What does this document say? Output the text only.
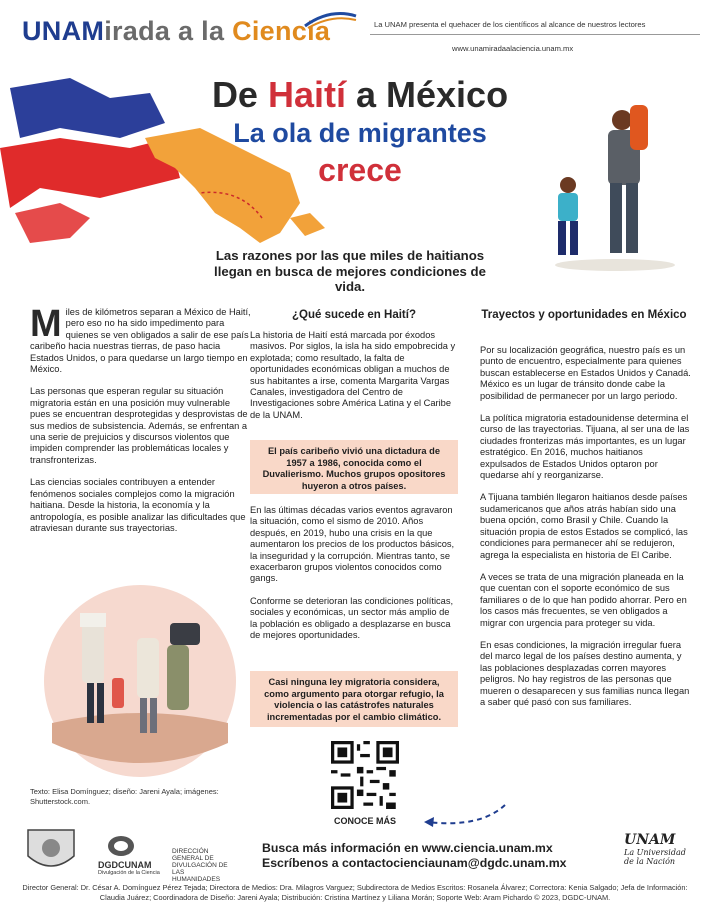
UNAMirada a la Ciencia	La UNAM presenta el quehacer de los científicos al alcance de nuestros lectores
www.unamiradaalaciencia.unam.mx
De Haití a México
La ola de migrantes
crece
Las razones por las que miles de haitianos llegan en busca de mejores condiciones de vida.

Miles de kilómetros separan a México de Haití, pero eso no ha sido impedimento para quienes se ven obligados a salir de ese país caribeño hacia nuestras tierras, de paso hacia Estados Unidos, o para quedarse un largo tiempo en México.

Las personas que esperan regular su situación migratoria están en una posición muy vulnerable pues se encuentran desprotegidas y desprovistas de sus medios de subsistencia. Además, se enfrentan a una serie de prejuicios y discursos violentos que impiden comprender las problemáticas locales y transfronterizas.

Las ciencias sociales contribuyen a entender fenómenos sociales complejos como la migración haitiana. Desde la historia, la economía y la antropología, es posible analizar las dificultades que atraviesan durante sus trayectorias.

Texto: Elisa Domínguez; diseño: Jareni Ayala; imágenes: Shutterstock.com.
¿Qué sucede en Haití?

La historia de Haití está marcada por éxodos masivos. Por siglos, la isla ha sido empobrecida y explotada; como resultado, la falta de oportunidades económicas obligan a muchos de sus habitantes a irse, comenta Margarita Vargas Canales, investigadora del Centro de Investigaciones sobre América Latina y el Caribe de la UNAM.

El país caribeño vivió una dictadura de 1957 a 1986, conocida como el Duvalierismo. Muchos grupos opositores huyeron a otros países.

En las últimas décadas varios eventos agravaron la situación, como el sismo de 2010. Años después, en 2019, hubo una crisis en la que aumentaron los precios de los productos básicos, la inseguridad y la corrupción. Mientras tanto, se exacerbaron grupos violentos conocidos como gangs.

Conforme se deterioran las condiciones políticas, sociales y económicas, un sector más amplio de la población es obligado a desplazarse en busca de mejores oportunidades.

Casi ninguna ley migratoria considera, como argumento para otorgar refugio, la violencia o las catástrofes naturales incrementadas por el cambio climático.
CONOCE MÁS
Trayectos y oportunidades en México

Por su localización geográfica, nuestro país es un punto de encuentro, especialmente para quienes buscan establecerse en Estados Unidos y Canadá. México es un lugar de tránsito donde cabe la posibilidad de permanecer por un largo periodo.

La política migratoria estadounidense determina el curso de las trayectorias. Tijuana, al ser una de las ciudades fronterizas más importantes, es un lugar estratégico. En 2016, muchos haitianos expulsados de Estados Unidos optaron por quedarse ahí y reorganizarse.

A Tijuana también llegaron haitianos desde países sudamericanos que años atrás habían sido una buena opción, como Brasil y Chile. Cuando la situación propia de estos Estados se complicó, las condiciones para permanecer ahí se redujeron, agrega la especialista en historia de El Caribe.

A veces se trata de una migración planeada en la que cuentan con el soporte económico de sus familiares o de lo que han podido ahorrar. Pero en los casos más frecuentes, se ven obligados a migrar con urgencia para proteger su vida.

En esas condiciones, la migración irregular fuera del marco legal de los países destino aumenta, y las poblaciones desplazadas corren mayores peligros. No hay registros de las personas que mueren o desaparecen y sus familias nunca llegan a saber qué pasó con sus familiares.

DGDCUNAM
Divulgación de la Ciencia
DIRECCIÓN GENERAL DE DIVULGACIÓN DE LAS HUMANIDADES
Busca más información en www.ciencia.unam.mx
Escríbenos a contactocienciaunam@dgdc.unam.mx
UNAM
La Universidad de la Nación
Director General: Dr. César A. Domínguez Pérez Tejada; Directora de Medios: Dra. Milagros Varguez; Subdirectora de Medios Escritos: Rosanela Álvarez; Correctora: Kenia Salgado; Jefa de Información: Claudia Juárez; Coordinadora de Diseño: Jareni Ayala; Distribución: Cristina Martínez y Liliana Morán; Soporte Web: Aram Pichardo © 2023, DGDC-UNAM.
